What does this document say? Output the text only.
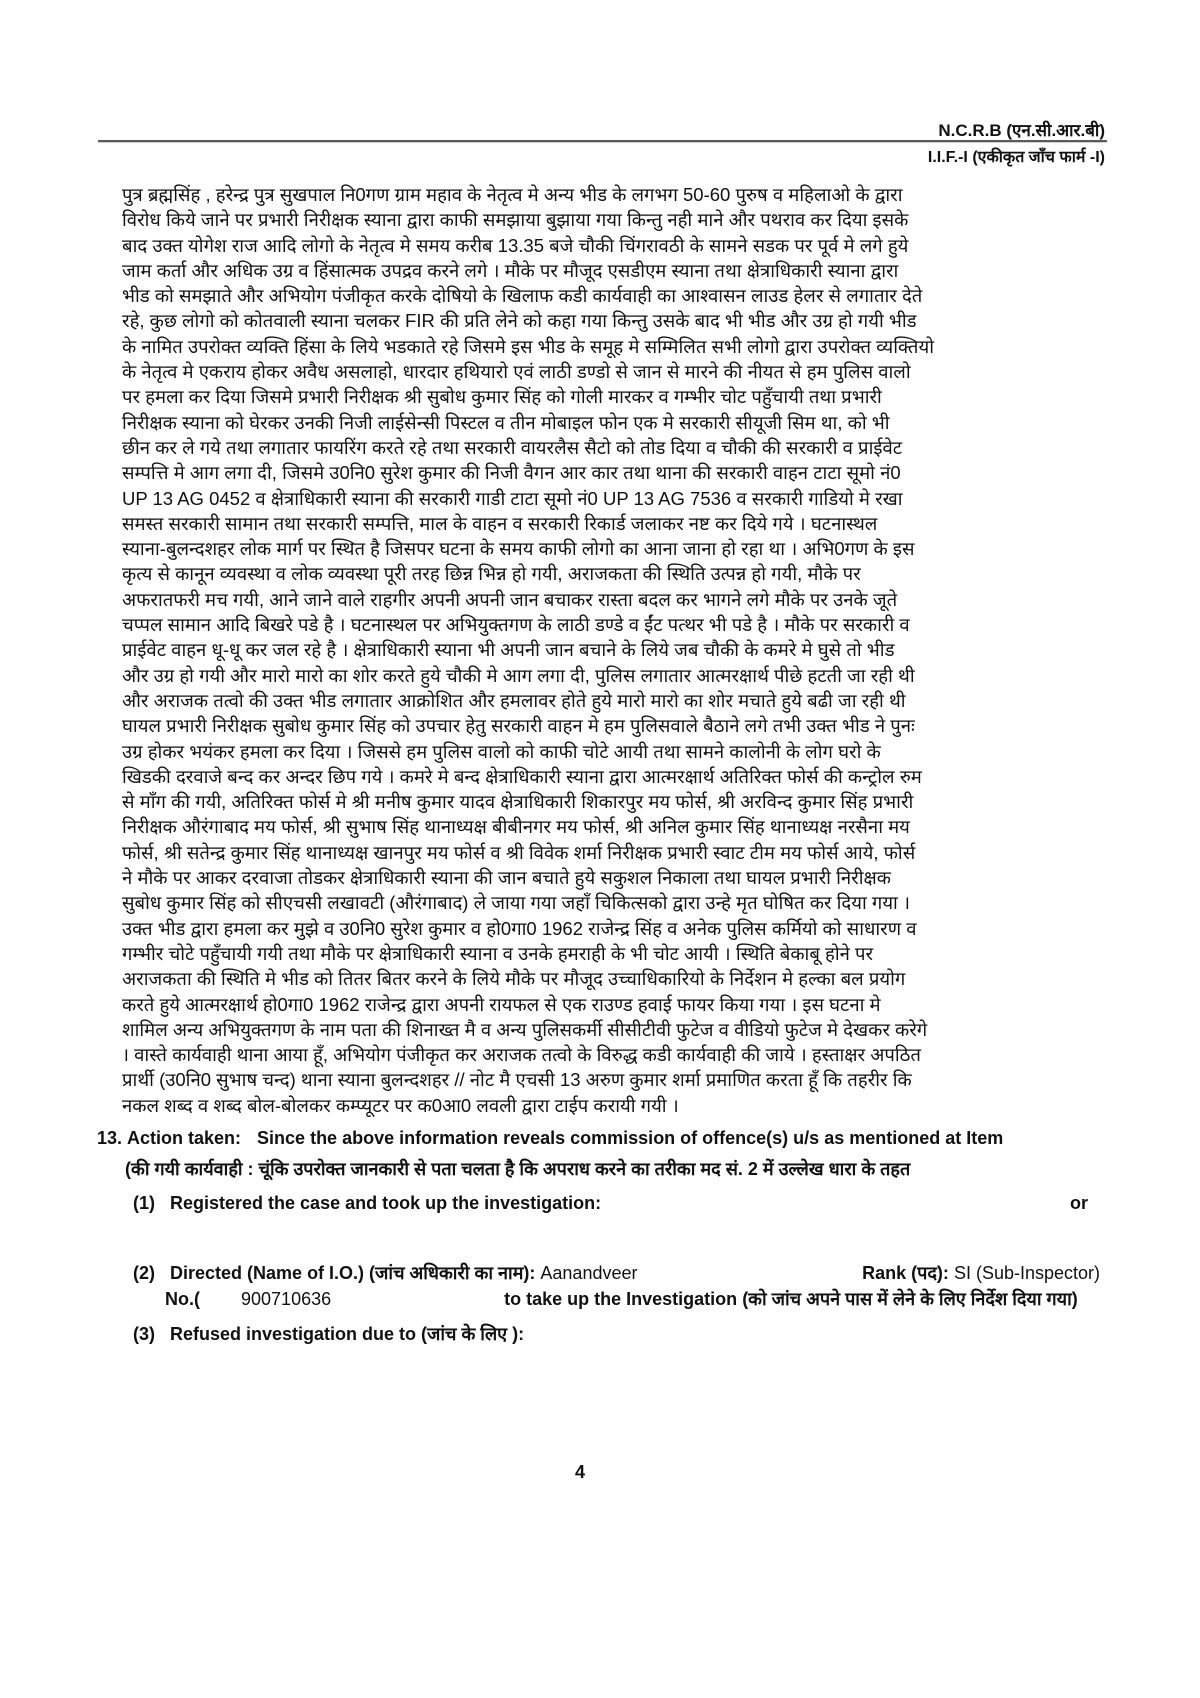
N.C.R.B (एन.सी.आर.बी)
I.I.F.-I (एकीकृत जाँच फार्म -I)
पुत्र ब्रह्मसिंह , हरेन्द्र पुत्र सुखपाल नि0गण ग्राम महाव के नेतृत्व मे अन्य भीड के लगभग 50-60 पुरुष व महिलाओ के द्वारा
विरोध किये जाने पर प्रभारी निरीक्षक स्याना द्वारा काफी समझाया बुझाया गया किन्तु नही माने और पथराव कर दिया इसके
बाद उक्त योगेश राज आदि लोगो के नेतृत्व मे समय करीब 13.35 बजे चौकी चिंगरावठी के सामने सडक पर पूर्व मे लगे हुये
जाम कर्ता और अधिक उग्र व हिंसात्मक उपद्रव करने लगे । मौके पर मौजूद एसडीएम स्याना तथा क्षेत्राधिकारी स्याना द्वारा
भीड को समझाते और अभियोग पंजीकृत करके दोषियो के खिलाफ कडी कार्यवाही का आश्वासन लाउड हेलर से लगातार देते
रहे, कुछ लोगो को कोतवाली स्याना चलकर FIR की प्रति लेने को कहा गया किन्तु उसके बाद भी भीड और उग्र हो गयी भीड
के नामित उपरोक्त व्यक्ति हिंसा के लिये भडकाते रहे जिसमे इस भीड के समूह मे सम्मिलित सभी लोगो द्वारा उपरोक्त व्यक्तियो
के नेतृत्व मे एकराय होकर अवैध असलाहो, धारदार हथियारो एवं लाठी डण्डो से जान से मारने की नीयत से हम पुलिस वालो
पर हमला कर दिया जिसमे प्रभारी निरीक्षक श्री सुबोध कुमार सिंह को गोली मारकर व गम्भीर चोट पहुँचायी तथा प्रभारी
निरीक्षक स्याना को घेरकर उनकी निजी लाईसेन्सी पिस्टल व तीन मोबाइल फोन एक मे सरकारी सीयूजी सिम था, को भी
छीन कर ले गये तथा लगातार फायरिंग करते रहे तथा सरकारी वायरलैस सैटो को तोड दिया व चौकी की सरकारी व प्राईवेट
सम्पत्ति मे आग लगा दी, जिसमे उ0नि0 सुरेश कुमार की निजी वैगन आर कार तथा थाना की सरकारी वाहन टाटा सूमो नं0
UP 13 AG 0452 व क्षेत्राधिकारी स्याना की सरकारी गाडी टाटा सूमो नं0 UP 13 AG 7536 व सरकारी गाडियो मे रखा
समस्त सरकारी सामान तथा सरकारी सम्पत्ति, माल के वाहन व सरकारी रिकार्ड जलाकर नष्ट कर दिये गये । घटनास्थल
स्याना-बुलन्दशहर लोक मार्ग पर स्थित है जिसपर घटना के समय काफी लोगो का आना जाना हो रहा था । अभि0गण के इस
कृत्य से कानून व्यवस्था व लोक व्यवस्था पूरी तरह छिन्न भिन्न हो गयी, अराजकता की स्थिति उत्पन्न हो गयी, मौके पर
अफरातफरी मच गयी, आने जाने वाले राहगीर अपनी अपनी जान बचाकर रास्ता बदल कर भागने लगे मौके पर उनके जूते
चप्पल सामान आदि बिखरे पडे है । घटनास्थल पर अभियुक्तगण के लाठी डण्डे व ईंट पत्थर भी पडे है । मौके पर सरकारी व
प्राईवेट वाहन धू-धू कर जल रहे है । क्षेत्राधिकारी स्याना भी अपनी जान बचाने के लिये जब चौकी के कमरे मे घुसे तो भीड
और उग्र हो गयी और मारो मारो का शोर करते हुये चौकी मे आग लगा दी, पुलिस लगातार आत्मरक्षार्थ पीछे हटती जा रही थी
और अराजक तत्वो की उक्त भीड लगातार आक्रोशित और हमलावर होते हुये मारो मारो का शोर मचाते हुये बढी जा रही थी
घायल प्रभारी निरीक्षक सुबोध कुमार सिंह को उपचार हेतु सरकारी वाहन मे हम पुलिसवाले बैठाने लगे तभी उक्त भीड ने पुनः
उग्र होकर भयंकर हमला कर दिया । जिससे हम पुलिस वालो को काफी चोटे आयी तथा सामने कालोनी के लोग घरो के
खिडकी दरवाजे बन्द कर अन्दर छिप गये । कमरे मे बन्द क्षेत्राधिकारी स्याना द्वारा आत्मरक्षार्थ अतिरिक्त फोर्स की कन्ट्रोल रुम
से माँग की गयी, अतिरिक्त फोर्स मे श्री मनीष कुमार यादव क्षेत्राधिकारी शिकारपुर मय फोर्स, श्री अरविन्द कुमार सिंह प्रभारी
निरीक्षक औरंगाबाद मय फोर्स, श्री सुभाष सिंह थानाध्यक्ष बीबीनगर मय फोर्स, श्री अनिल कुमार सिंह थानाध्यक्ष नरसैना मय
फोर्स, श्री सतेन्द्र कुमार सिंह थानाध्यक्ष खानपुर मय फोर्स व श्री विवेक शर्मा निरीक्षक प्रभारी स्वाट टीम मय फोर्स आये, फोर्स
ने मौके पर आकर दरवाजा तोडकर क्षेत्राधिकारी स्याना की जान बचाते हुये सकुशल निकाला तथा घायल प्रभारी निरीक्षक
सुबोध कुमार सिंह को सीएचसी लखावटी (औरंगाबाद) ले जाया गया जहाँ चिकित्सको द्वारा उन्हे मृत घोषित कर दिया गया ।
उक्त भीड द्वारा हमला कर मुझे व उ0नि0 सुरेश कुमार व हो0गा0 1962 राजेन्द्र सिंह व अनेक पुलिस कर्मियो को साधारण व
गम्भीर चोटे पहुँचायी गयी तथा मौके पर क्षेत्राधिकारी स्याना व उनके हमराही के भी चोट आयी । स्थिति बेकाबू होने पर
अराजकता की स्थिति मे भीड को तितर बितर करने के लिये मौके पर मौजूद उच्चाधिकारियो के निर्देशन मे हल्का बल प्रयोग
करते हुये आत्मरक्षार्थ हो0गा0 1962 राजेन्द्र द्वारा अपनी रायफल से एक राउण्ड हवाई फायर किया गया । इस घटना मे
शामिल अन्य अभियुक्तगण के नाम पता की शिनाख्त मै व अन्य पुलिसकर्मी सीसीटीवी फुटेज व वीडियो फुटेज मे देखकर करेगे
। वास्ते कार्यवाही थाना आया हूँ, अभियोग पंजीकृत कर अराजक तत्वो के विरुद्ध कडी कार्यवाही की जाये । हस्ताक्षर अपठित
प्रार्थी (उ0नि0 सुभाष चन्द) थाना स्याना बुलन्दशहर // नोट मै एचसी 13 अरुण कुमार शर्मा प्रमाणित करता हूँ कि तहरीर कि
नकल शब्द व शब्द बोल-बोलकर कम्प्यूटर पर क0आ0 लवली द्वारा टाईप करायी गयी ।
13. Action taken: Since the above information reveals commission of offence(s) u/s as mentioned at Item
(की गयी कार्यवाही : चूंकि उपरोक्त जानकारी से पता चलता है कि अपराध करने का तरीका मद सं. 2 में उल्लेख धारा के तहत
(1) Registered the case and took up the investigation:	or
(2) Directed (Name of I.O.) (जांच अधिकारी का नाम): Aanandveer	Rank (पद): SI (Sub-Inspector)
No.( 900710636	to take up the Investigation (को जांच अपने पास में लेने के लिए निर्देश दिया गया)
(3) Refused investigation due to (जांच के लिए ):
4
